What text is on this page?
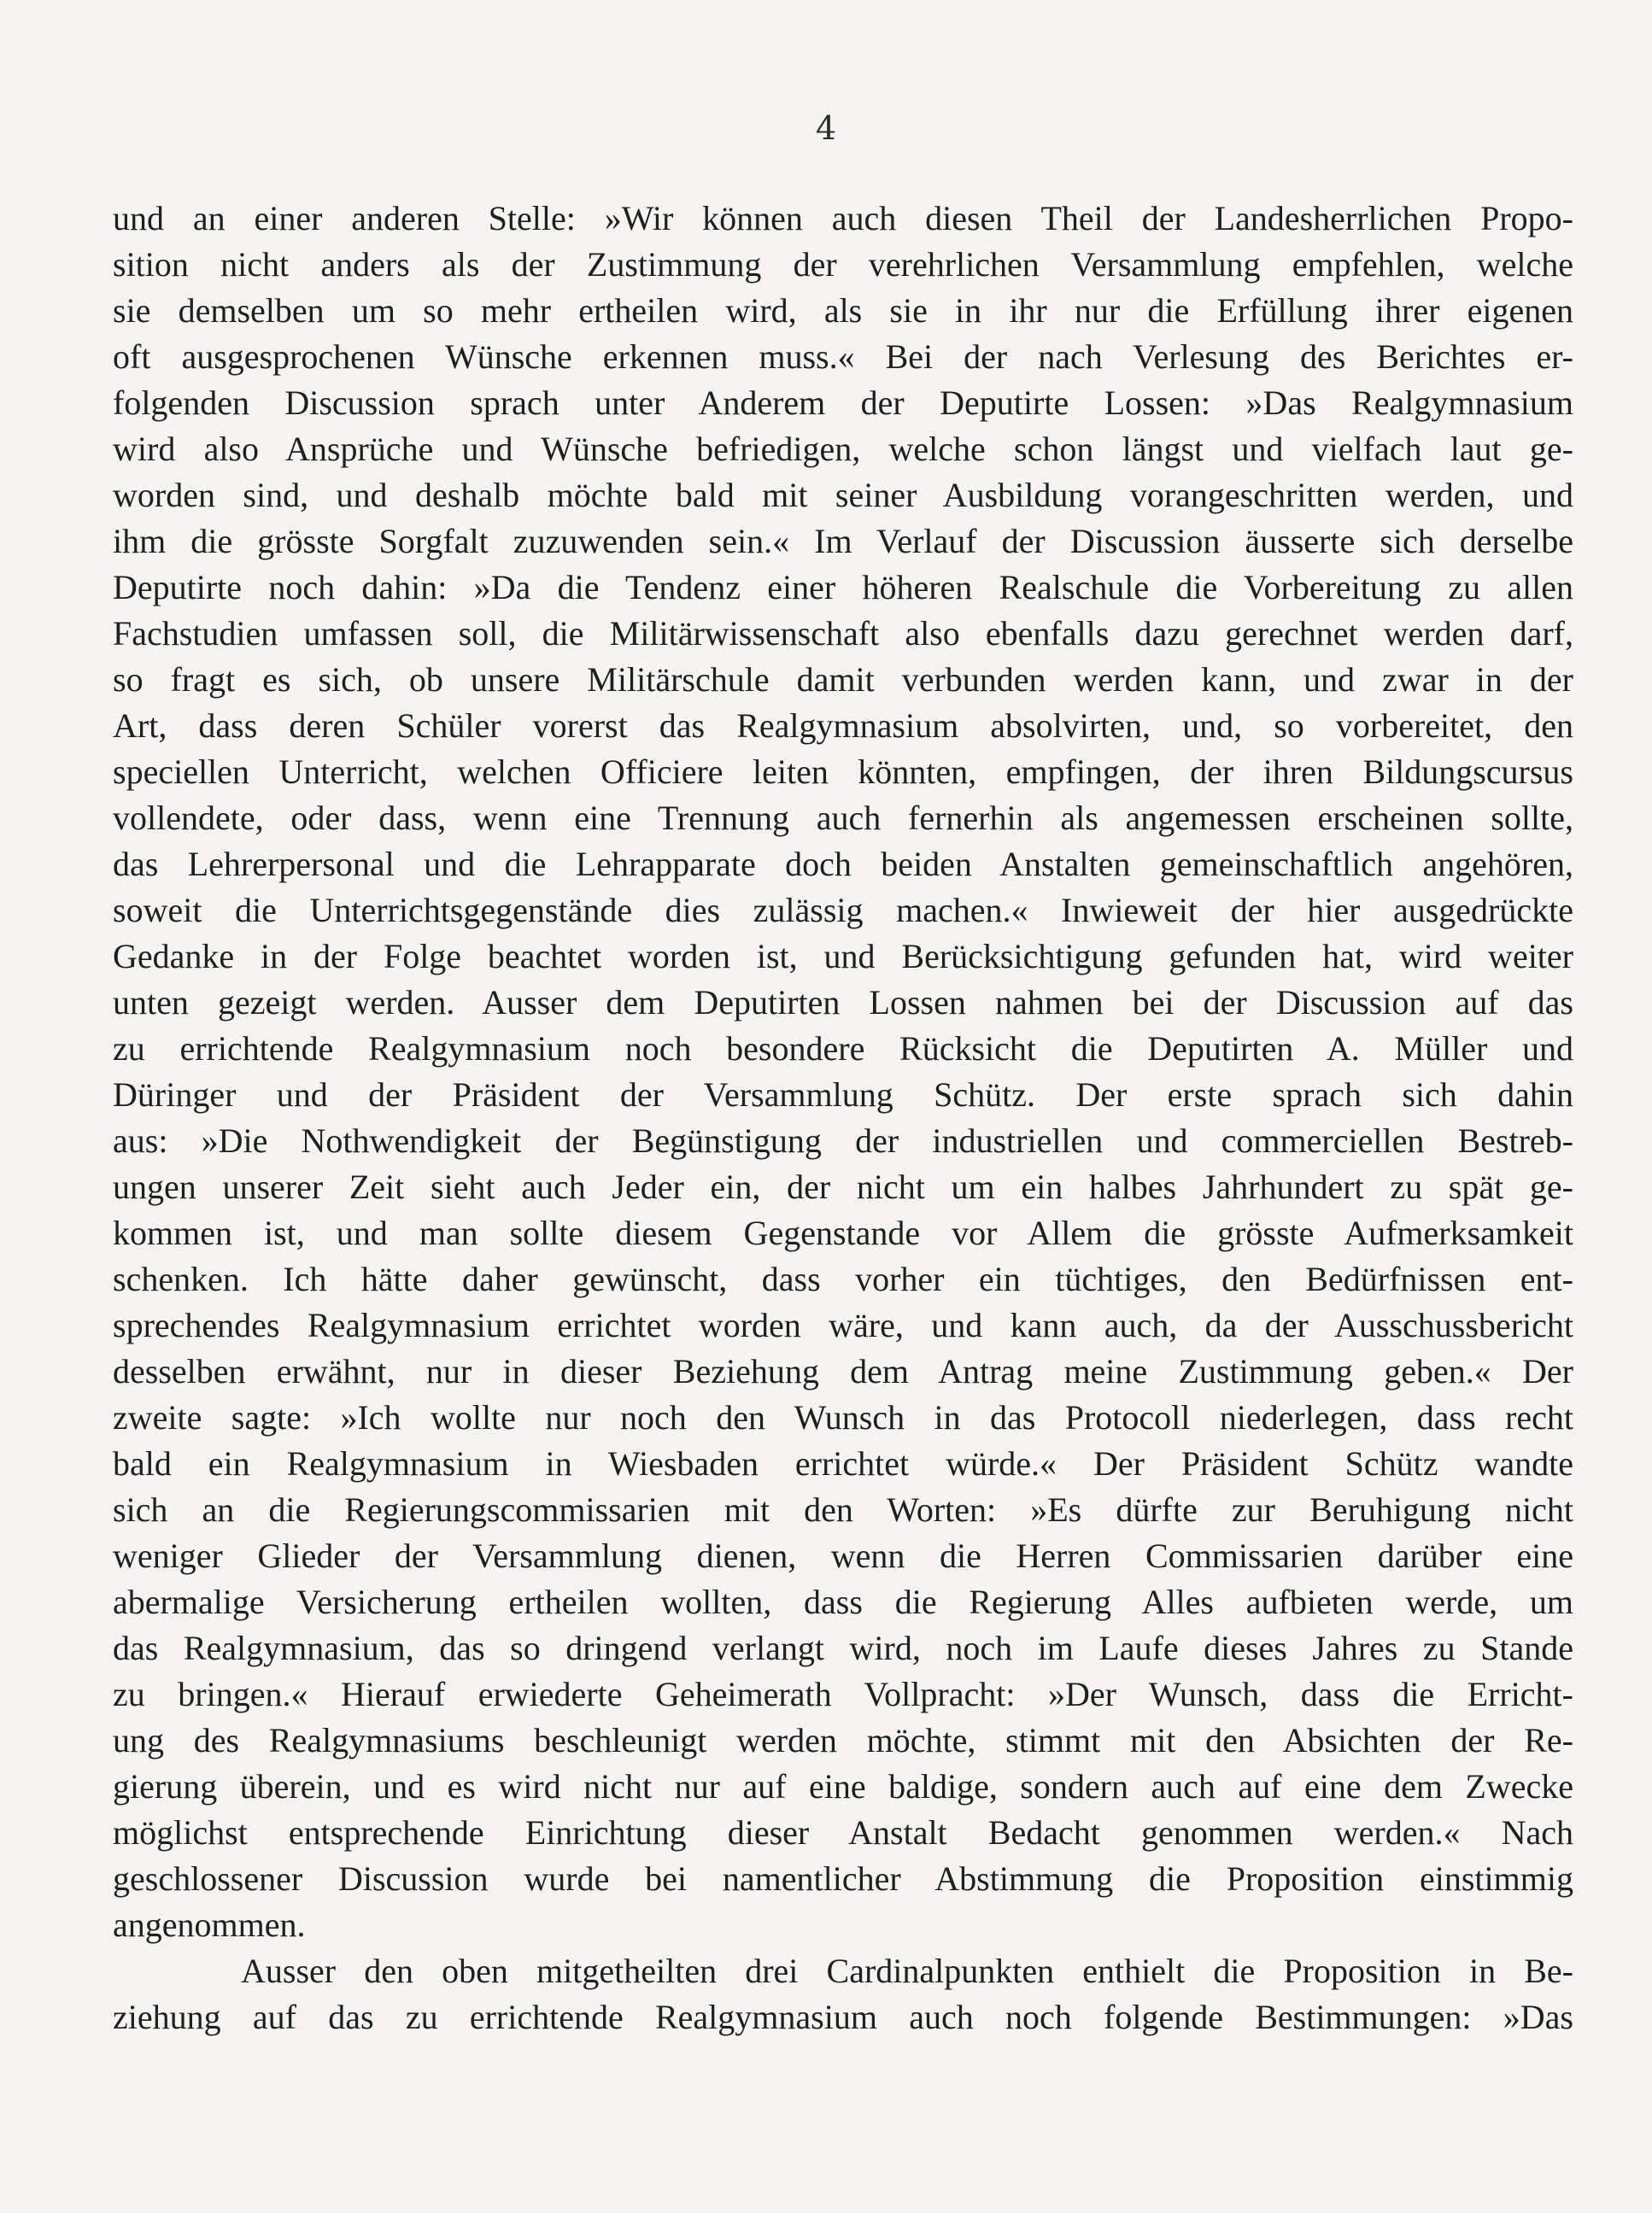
4
und an einer anderen Stelle: »Wir können auch diesen Theil der Landesherrlichen Propo-
sition nicht anders als der Zustimmung der verehrlichen Versammlung empfehlen, welche
sie demselben um so mehr ertheilen wird, als sie in ihr nur die Erfüllung ihrer eigenen
oft ausgesprochenen Wünsche erkennen muss.« Bei der nach Verlesung des Berichtes er-
folgenden Discussion sprach unter Anderem der Deputirte Lossen: »Das Realgymnasium
wird also Ansprüche und Wünsche befriedigen, welche schon längst und vielfach laut ge-
worden sind, und deshalb möchte bald mit seiner Ausbildung vorangeschritten werden, und
ihm die grösste Sorgfalt zuzuwenden sein.« Im Verlauf der Discussion äusserte sich derselbe
Deputirte noch dahin: »Da die Tendenz einer höheren Realschule die Vorbereitung zu allen
Fachstudien umfassen soll, die Militärwissenschaft also ebenfalls dazu gerechnet werden darf,
so fragt es sich, ob unsere Militärschule damit verbunden werden kann, und zwar in der
Art, dass deren Schüler vorerst das Realgymnasium absolvirten, und, so vorbereitet, den
speciellen Unterricht, welchen Officiere leiten könnten, empfingen, der ihren Bildungscursus
vollendete, oder dass, wenn eine Trennung auch fernerhin als angemessen erscheinen sollte,
das Lehrerpersonal und die Lehrapparate doch beiden Anstalten gemeinschaftlich angehören,
soweit die Unterrichtsgegenstände dies zulässig machen.« Inwieweit der hier ausgedrückte
Gedanke in der Folge beachtet worden ist, und Berücksichtigung gefunden hat, wird weiter
unten gezeigt werden. Ausser dem Deputirten Lossen nahmen bei der Discussion auf das
zu errichtende Realgymnasium noch besondere Rücksicht die Deputirten A. Müller und
Düringer und der Präsident der Versammlung Schütz. Der erste sprach sich dahin
aus: »Die Nothwendigkeit der Begünstigung der industriellen und commerciellen Bestreb-
ungen unserer Zeit sieht auch Jeder ein, der nicht um ein halbes Jahrhundert zu spät ge-
kommen ist, und man sollte diesem Gegenstande vor Allem die grösste Aufmerksamkeit
schenken. Ich hätte daher gewünscht, dass vorher ein tüchtiges, den Bedürfnissen ent-
sprechendes Realgymnasium errichtet worden wäre, und kann auch, da der Ausschussbericht
desselben erwähnt, nur in dieser Beziehung dem Antrag meine Zustimmung geben.« Der
zweite sagte: »Ich wollte nur noch den Wunsch in das Protocoll niederlegen, dass recht
bald ein Realgymnasium in Wiesbaden errichtet würde.« Der Präsident Schütz wandte
sich an die Regierungscommissarien mit den Worten: »Es dürfte zur Beruhigung nicht
weniger Glieder der Versammlung dienen, wenn die Herren Commissarien darüber eine
abermalige Versicherung ertheilen wollten, dass die Regierung Alles aufbieten werde, um
das Realgymnasium, das so dringend verlangt wird, noch im Laufe dieses Jahres zu Stande
zu bringen.« Hierauf erwiederte Geheimerath Vollpracht: »Der Wunsch, dass die Erricht-
ung des Realgymnasiums beschleunigt werden möchte, stimmt mit den Absichten der Re-
gierung überein, und es wird nicht nur auf eine baldige, sondern auch auf eine dem Zwecke
möglichst entsprechende Einrichtung dieser Anstalt Bedacht genommen werden.« Nach
geschlossener Discussion wurde bei namentlicher Abstimmung die Proposition einstimmig
angenommen.
Ausser den oben mitgetheilten drei Cardinalpunkten enthielt die Proposition in Be-
ziehung auf das zu errichtende Realgymnasium auch noch folgende Bestimmungen: »Das
